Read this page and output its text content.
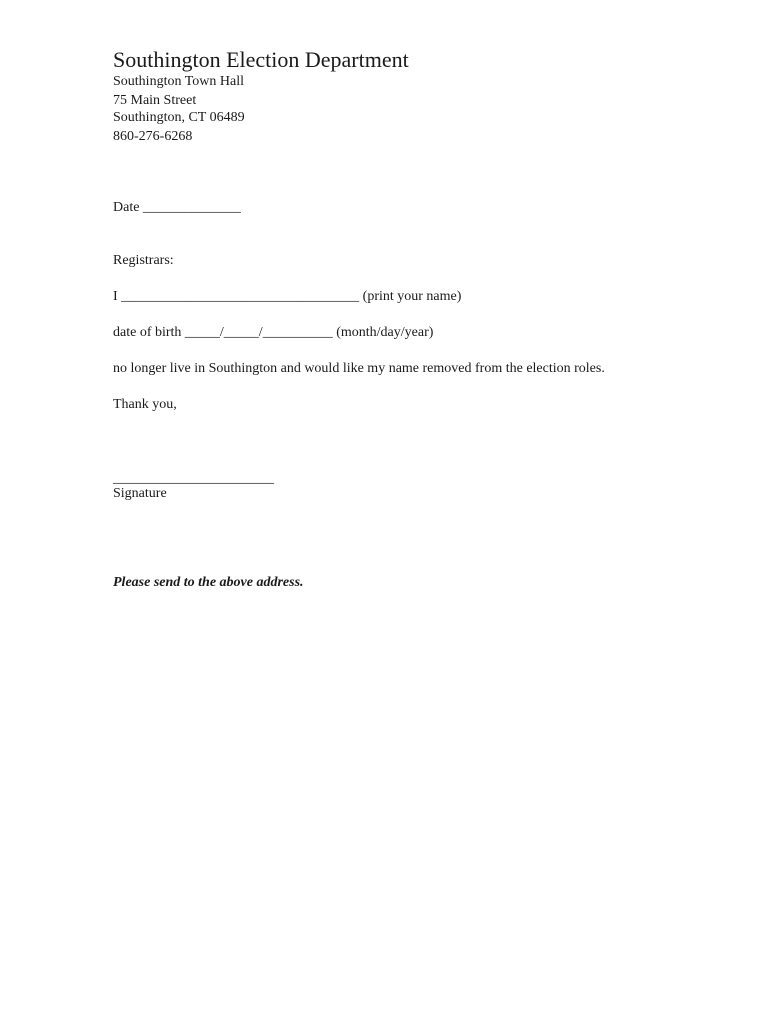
Southington Election Department
Southington Town Hall
75 Main Street
Southington, CT 06489
860-276-6268
Date ______________
Registrars:
I __________________________________ (print your name)
date of birth _____/_____/__________ (month/day/year)
no longer live in Southington and would like my name removed from the election roles.
Thank you,
_______________________
Signature
Please send to the above address.
